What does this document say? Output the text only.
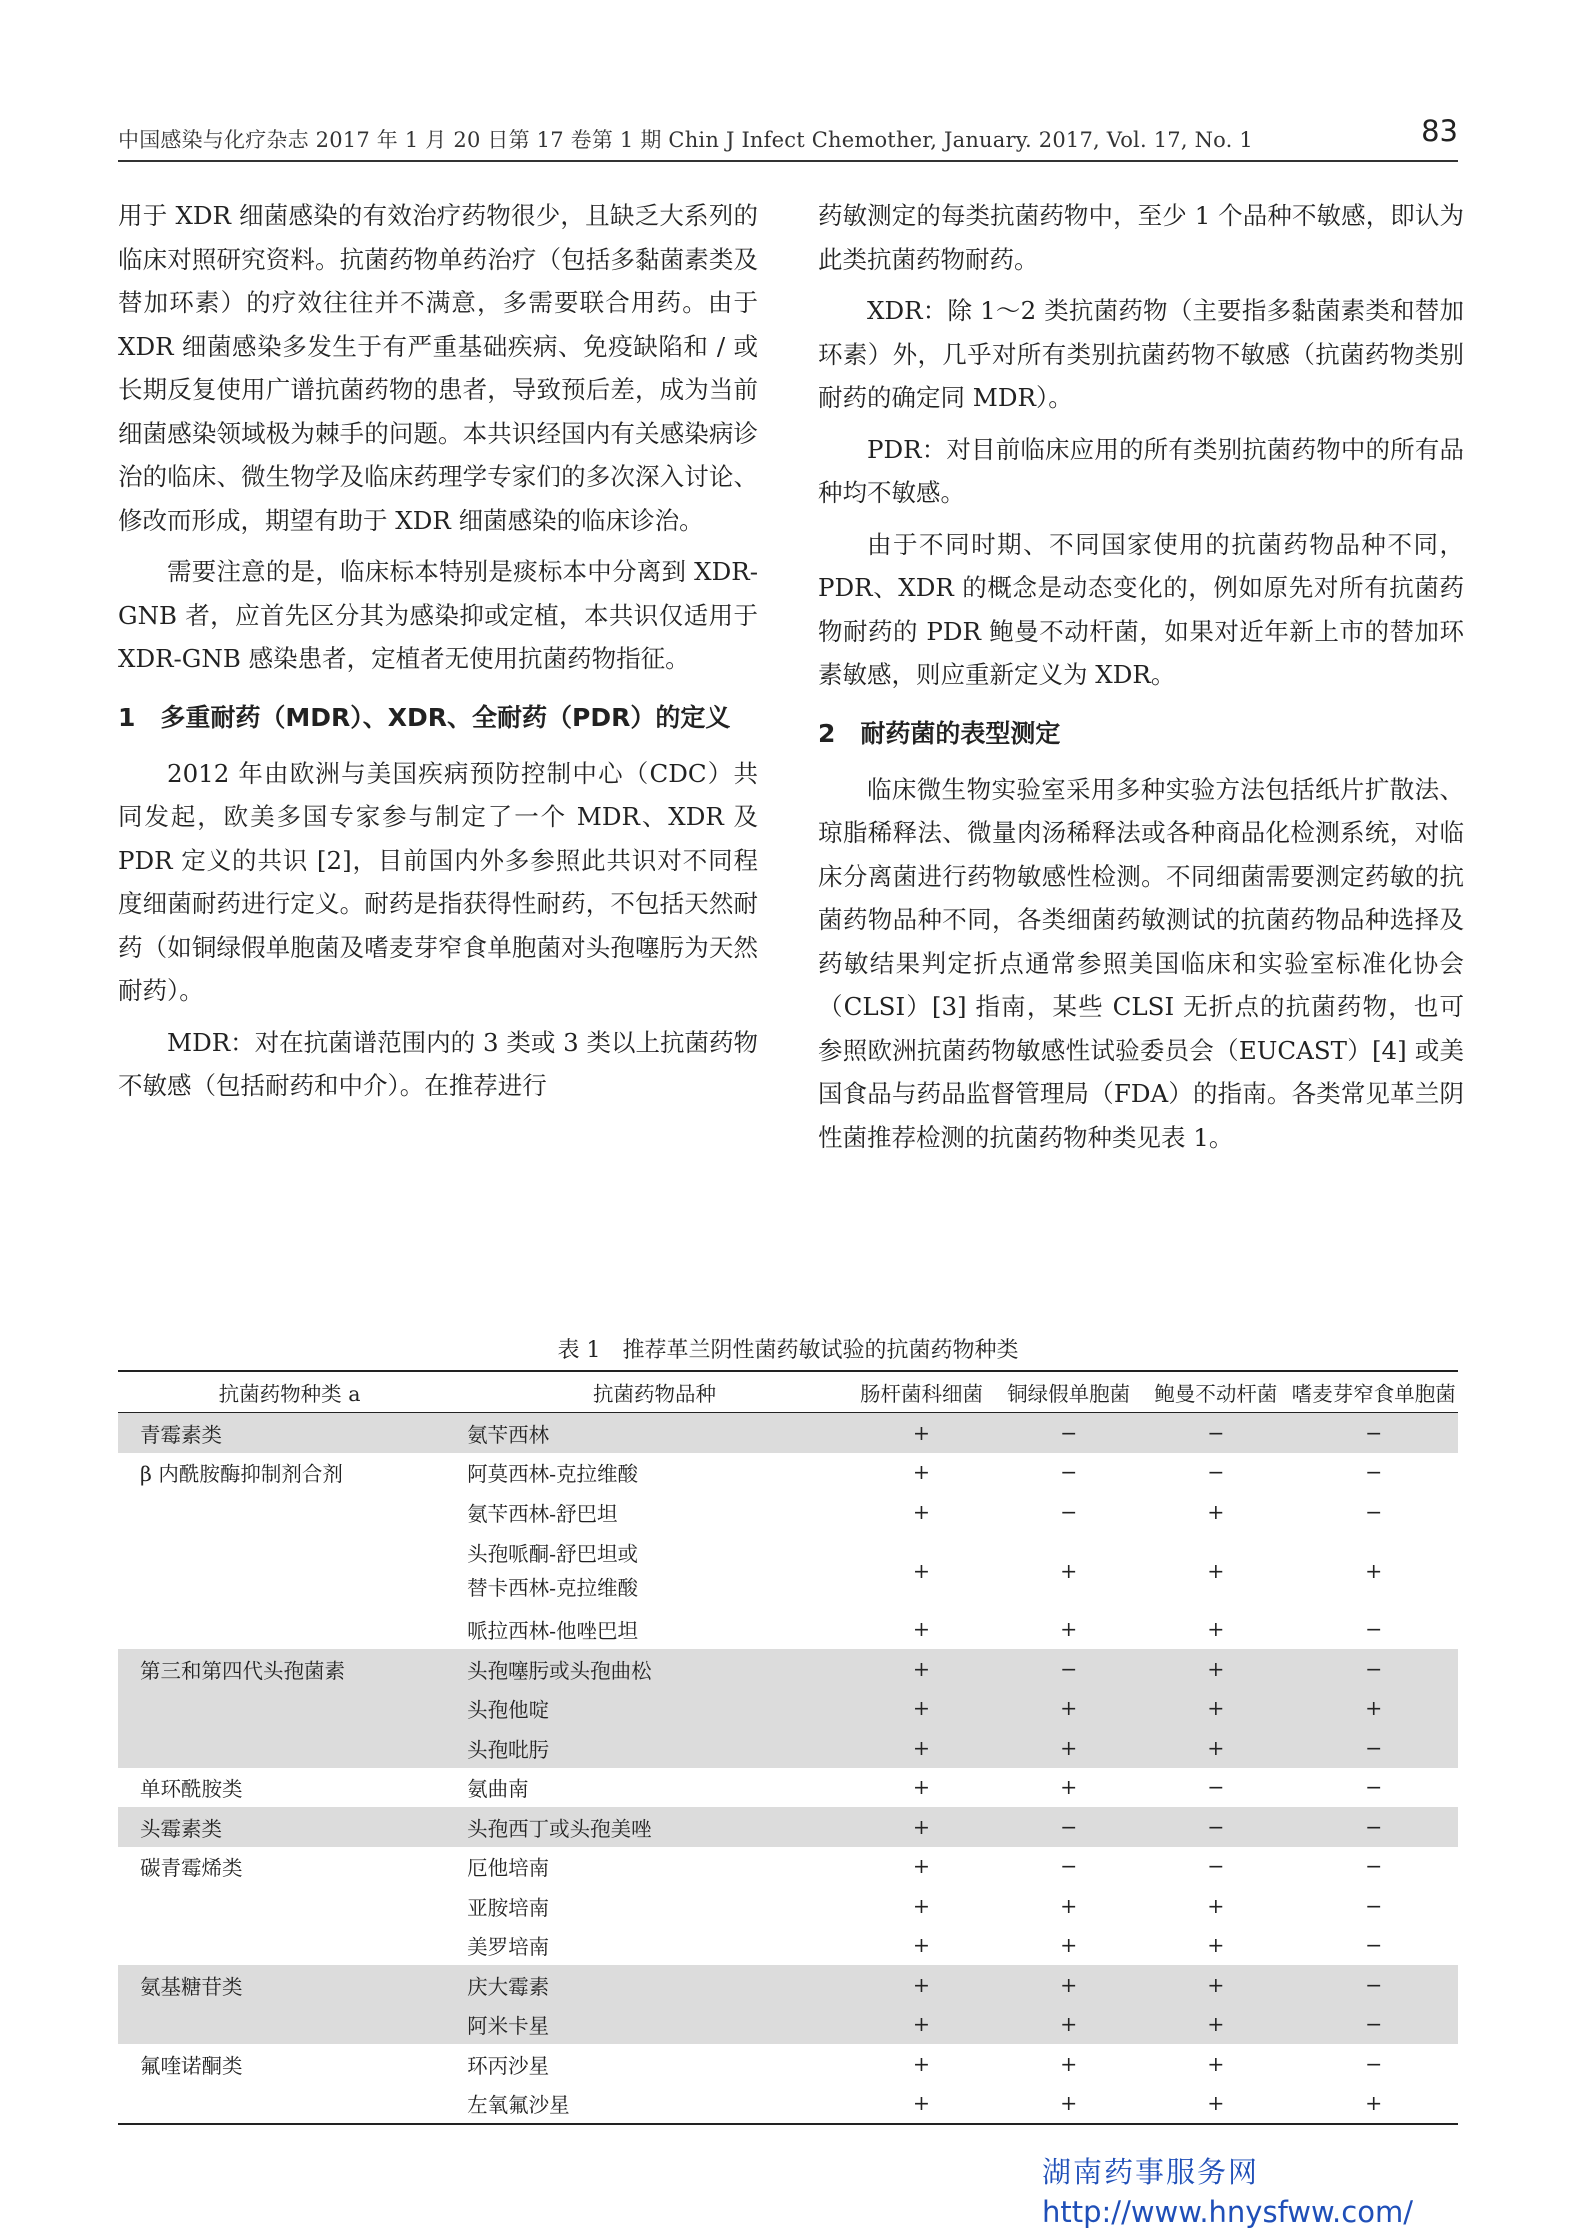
中国感染与化疗杂志 2017 年 1 月 20 日第 17 卷第 1 期 Chin J Infect Chemother, January. 2017, Vol. 17, No. 1	83

用于 XDR 细菌感染的有效治疗药物很少，且缺乏大系列的临床对照研究资料。抗菌药物单药治疗（包括多黏菌素类及替加环素）的疗效往往并不满意，多需要联合用药。由于 XDR 细菌感染多发生于有严重基础疾病、免疫缺陷和 / 或长期反复使用广谱抗菌药物的患者，导致预后差，成为当前细菌感染领域极为棘手的问题。本共识经国内有关感染病诊治的临床、微生物学及临床药理学专家们的多次深入讨论、修改而形成，期望有助于 XDR 细菌感染的临床诊治。

需要注意的是，临床标本特别是痰标本中分离到 XDR-GNB 者，应首先区分其为感染抑或定植，本共识仅适用于 XDR-GNB 感染患者，定植者无使用抗菌药物指征。

1　多重耐药（MDR）、XDR、全耐药（PDR）的定义

2012 年由欧洲与美国疾病预防控制中心（CDC）共同发起，欧美多国专家参与制定了一个 MDR、XDR 及 PDR 定义的共识 [2]，目前国内外多参照此共识对不同程度细菌耐药进行定义。耐药是指获得性耐药，不包括天然耐药（如铜绿假单胞菌及嗜麦芽窄食单胞菌对头孢噻肟为天然耐药）。

MDR：对在抗菌谱范围内的 3 类或 3 类以上抗菌药物不敏感（包括耐药和中介）。在推荐进行

药敏测定的每类抗菌药物中，至少 1 个品种不敏感，即认为此类抗菌药物耐药。

XDR：除 1～2 类抗菌药物（主要指多黏菌素类和替加环素）外，几乎对所有类别抗菌药物不敏感（抗菌药物类别耐药的确定同 MDR）。

PDR：对目前临床应用的所有类别抗菌药物中的所有品种均不敏感。

由于不同时期、不同国家使用的抗菌药物品种不同，PDR、XDR 的概念是动态变化的，例如原先对所有抗菌药物耐药的 PDR 鲍曼不动杆菌，如果对近年新上市的替加环素敏感，则应重新定义为 XDR。

2　耐药菌的表型测定

临床微生物实验室采用多种实验方法包括纸片扩散法、琼脂稀释法、微量肉汤稀释法或各种商品化检测系统，对临床分离菌进行药物敏感性检测。不同细菌需要测定药敏的抗菌药物品种不同，各类细菌药敏测试的抗菌药物品种选择及药敏结果判定折点通常参照美国临床和实验室标准化协会（CLSI）[3] 指南，某些 CLSI 无折点的抗菌药物，也可参照欧洲抗菌药物敏感性试验委员会（EUCAST）[4] 或美国食品与药品监督管理局（FDA）的指南。各类常见革兰阴性菌推荐检测的抗菌药物种类见表 1。

表 1　推荐革兰阴性菌药敏试验的抗菌药物种类
抗菌药物种类 a	抗菌药物品种	肠杆菌科细菌	铜绿假单胞菌	鲍曼不动杆菌	嗜麦芽窄食单胞菌
青霉素类	氨苄西林	+	−	−	−
β 内酰胺酶抑制剂合剂	阿莫西林-克拉维酸	+	−	−	−

	氨苄西林-舒巴坦	+	−	+	−

	头孢哌酮-舒巴坦或
替卡西林-克拉维酸	+	+	+	+

	哌拉西林-他唑巴坦	+	+	+	−
第三和第四代头孢菌素	头孢噻肟或头孢曲松	+	−	+	−

	头孢他啶	+	+	+	+

	头孢吡肟	+	+	+	−
单环酰胺类	氨曲南	+	+	−	−
头霉素类	头孢西丁或头孢美唑	+	−	−	−
碳青霉烯类	厄他培南	+	−	−	−

	亚胺培南	+	+	+	−

	美罗培南	+	+	+	−
氨基糖苷类	庆大霉素	+	+	+	−

	阿米卡星	+	+	+	−
氟喹诺酮类	环丙沙星	+	+	+	−

	左氧氟沙星	+	+	+	+
湖南药事服务网
http://www.hnysfww.com/
